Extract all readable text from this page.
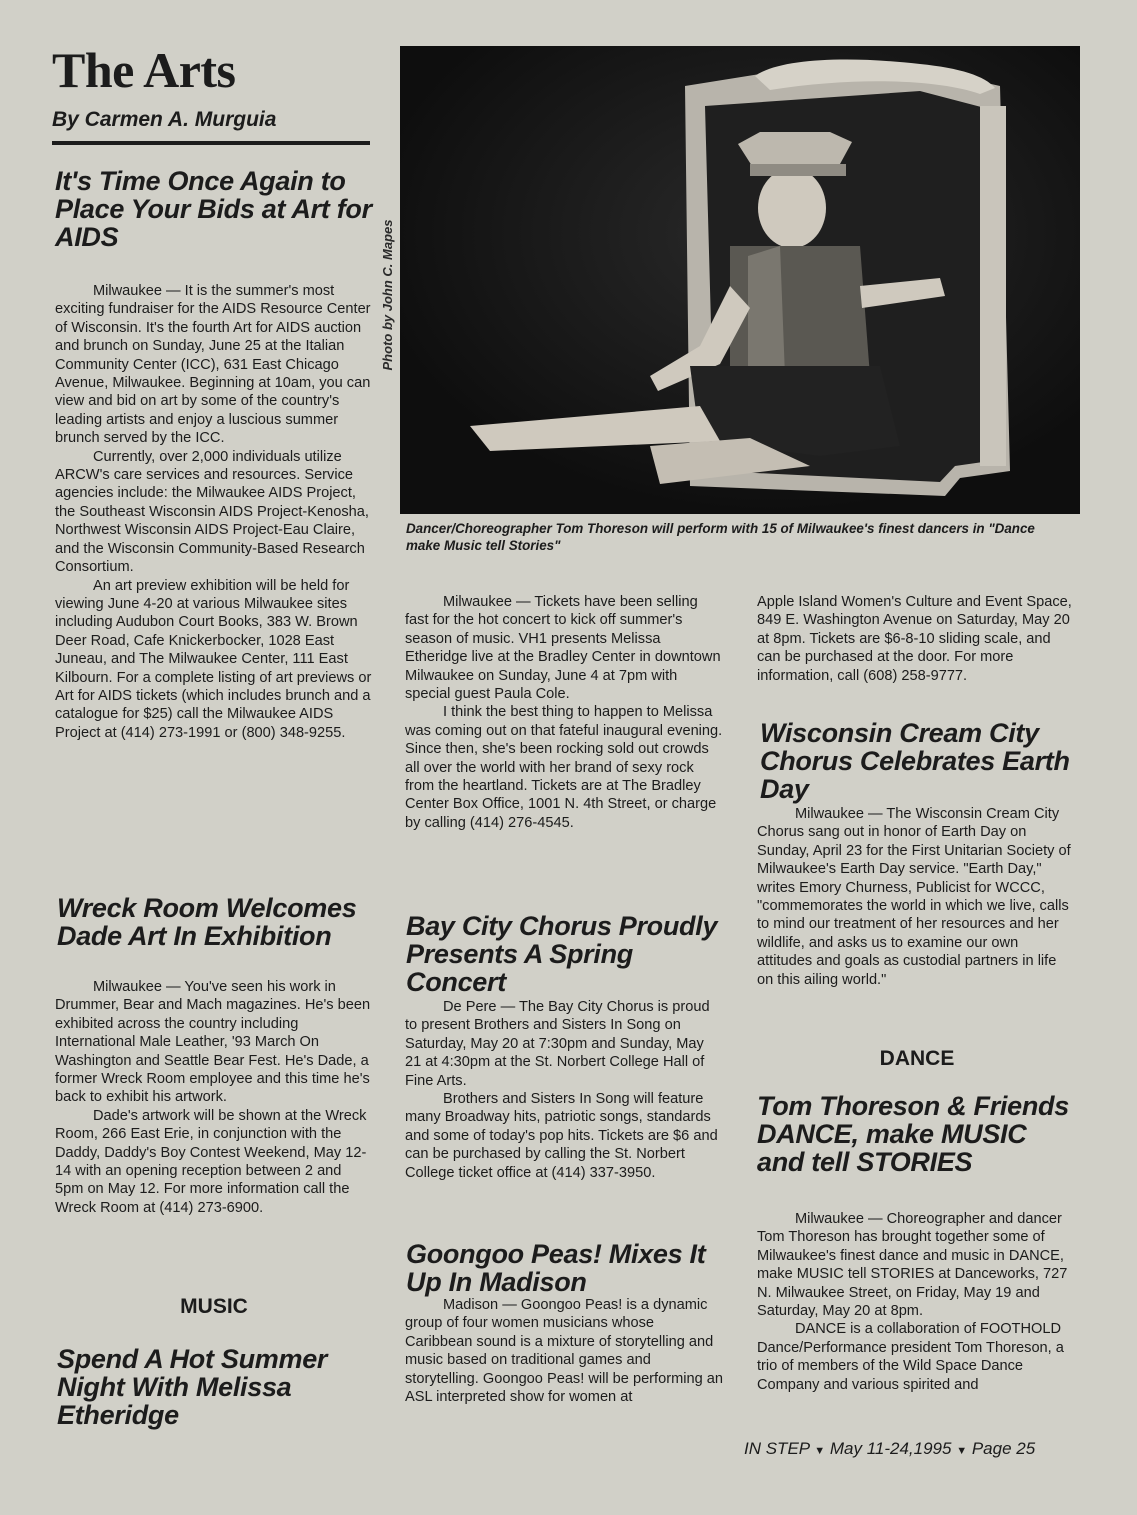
The Arts
By Carmen A. Murguia
It's Time Once Again to Place Your Bids at Art for AIDS

Milwaukee — It is the summer's most exciting fundraiser for the AIDS Resource Center of Wisconsin. It's the fourth Art for AIDS auction and brunch on Sunday, June 25 at the Italian Community Center (ICC), 631 East Chicago Avenue, Milwaukee. Beginning at 10am, you can view and bid on art by some of the country's leading artists and enjoy a luscious summer brunch served by the ICC.

Currently, over 2,000 individuals utilize ARCW's care services and resources. Service agencies include: the Milwaukee AIDS Project, the Southeast Wisconsin AIDS Project-Kenosha, Northwest Wisconsin AIDS Project-Eau Claire, and the Wisconsin Community-Based Research Consortium.

An art preview exhibition will be held for viewing June 4-20 at various Milwaukee sites including Audubon Court Books, 383 W. Brown Deer Road, Cafe Knickerbocker, 1028 East Juneau, and The Milwaukee Center, 111 East Kilbourn. For a complete listing of art previews or Art for AIDS tickets (which includes brunch and a catalogue for $25) call the Milwaukee AIDS Project at (414) 273-1991 or (800) 348-9255.

Wreck Room Welcomes Dade Art In Exhibition

Milwaukee — You've seen his work in Drummer, Bear and Mach magazines. He's been exhibited across the country including International Male Leather, '93 March On Washington and Seattle Bear Fest. He's Dade, a former Wreck Room employee and this time he's back to exhibit his artwork.

Dade's artwork will be shown at the Wreck Room, 266 East Erie, in conjunction with the Daddy, Daddy's Boy Contest Weekend, May 12-14 with an opening reception between 2 and 5pm on May 12. For more information call the Wreck Room at (414) 273-6900.

MUSIC
Spend A Hot Summer Night With Melissa Etheridge
Photo by John C. Mapes
Dancer/Choreographer Tom Thoreson will perform with 15 of Milwaukee's finest dancers in "Dance make Music tell Stories"

Milwaukee — Tickets have been selling fast for the hot concert to kick off summer's season of music. VH1 presents Melissa Etheridge live at the Bradley Center in downtown Milwaukee on Sunday, June 4 at 7pm with special guest Paula Cole.

I think the best thing to happen to Melissa was coming out on that fateful inaugural evening. Since then, she's been rocking sold out crowds all over the world with her brand of sexy rock from the heartland. Tickets are at The Bradley Center Box Office, 1001 N. 4th Street, or charge by calling (414) 276-4545.

Bay City Chorus Proudly Presents A Spring Concert

De Pere — The Bay City Chorus is proud to present Brothers and Sisters In Song on Saturday, May 20 at 7:30pm and Sunday, May 21 at 4:30pm at the St. Norbert College Hall of Fine Arts.

Brothers and Sisters In Song will feature many Broadway hits, patriotic songs, standards and some of today's pop hits. Tickets are $6 and can be purchased by calling the St. Norbert College ticket office at (414) 337-3950.

Goongoo Peas! Mixes It Up In Madison

Madison — Goongoo Peas! is a dynamic group of four women musicians whose Caribbean sound is a mixture of storytelling and music based on traditional games and storytelling. Goongoo Peas! will be performing an ASL interpreted show for women at

Apple Island Women's Culture and Event Space, 849 E. Washington Avenue on Saturday, May 20 at 8pm. Tickets are $6-8-10 sliding scale, and can be purchased at the door. For more information, call (608) 258-9777.

Wisconsin Cream City Chorus Celebrates Earth Day

Milwaukee — The Wisconsin Cream City Chorus sang out in honor of Earth Day on Sunday, April 23 for the First Unitarian Society of Milwaukee's Earth Day service. "Earth Day," writes Emory Churness, Publicist for WCCC, "commemorates the world in which we live, calls to mind our treatment of her resources and her wildlife, and asks us to examine our own attitudes and goals as custodial partners in life on this ailing world."

DANCE
Tom Thoreson & Friends DANCE, make MUSIC and tell STORIES

Milwaukee — Choreographer and dancer Tom Thoreson has brought together some of Milwaukee's finest dance and music in DANCE, make MUSIC tell STORIES at Danceworks, 727 N. Milwaukee Street, on Friday, May 19 and Saturday, May 20 at 8pm.

DANCE is a collaboration of FOOTHOLD Dance/Performance president Tom Thoreson, a trio of members of the Wild Space Dance Company and various spirited and

IN STEP ▼ May 11-24,1995 ▼ Page 25
